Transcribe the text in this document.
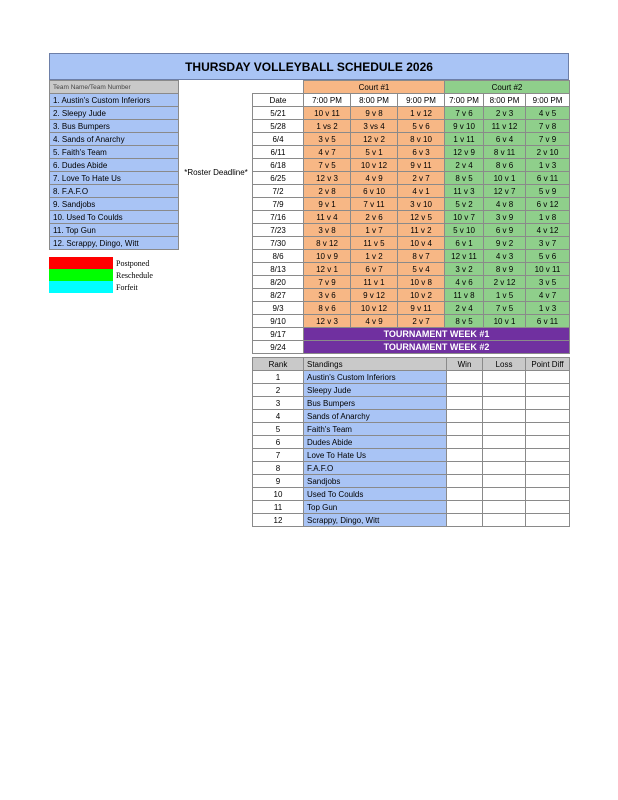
THURSDAY VOLLEYBALL SCHEDULE 2026
Team Name/Team Number
1. Austin's Custom Inferiors
2. Sleepy Jude
3. Bus Bumpers
4. Sands of Anarchy
5. Faith's Team
6. Dudes Abide
7. Love To Hate Us
8. F.A.F.O
9. Sandjobs
10. Used To Coulds
11. Top Gun
12. Scrappy, Dingo, Witt
*Roster Deadline*
	Postponed
	Reschedule
	Forfeit
	Court #1			Court #2		
Date	7:00 PM	8:00 PM	9:00 PM	7:00 PM	8:00 PM	9:00 PM
5/21	10 v 11	9 v 8	1 v 12	7 v 6	2 v 3	4 v 5
5/28	1 vs 2	3 vs 4	5 v 6	9 v 10	11 v 12	7 v 8
6/4	3 v 5	12 v 2	8 v 10	1 v 11	6 v 4	7 v 9
6/11	4 v 7	5 v 1	6 v 3	12 v 9	8 v 11	2 v 10
6/18	7 v 5	10 v 12	9 v 11	2 v 4	8 v 6	1 v 3
6/25	12 v 3	4 v 9	2 v 7	8 v 5	10 v 1	6 v 11
7/2	2 v 8	6 v 10	4 v 1	11 v 3	12 v 7	5 v 9
7/9	9 v 1	7 v 11	3 v 10	5 v 2	4 v 8	6 v 12
7/16	11 v 4	2 v 6	12 v 5	10 v 7	3 v 9	1 v 8
7/23	3 v 8	1 v 7	11 v 2	5 v 10	6 v 9	4 v 12
7/30	8 v 12	11 v 5	10 v 4	6 v 1	9 v 2	3 v 7
8/6	10 v 9	1 v 2	8 v 7	12 v 11	4 v 3	5 v 6
8/13	12 v 1	6 v 7	5 v 4	3 v 2	8 v 9	10 v 11
8/20	7 v 9	11 v 1	10 v 8	4 v 6	2 v 12	3 v 5
8/27	3 v 6	9 v 12	10 v 2	11 v 8	1 v 5	4 v 7
9/3	8 v 6	10 v 12	9 v 11	2 v 4	7 v 5	1 v 3
9/10	12 v 3	4 v 9	2 v 7	8 v 5	10 v 1	6 v 11
9/17	TOURNAMENT WEEK #1					
9/24	TOURNAMENT WEEK #2					
Rank	Standings	Win	Loss	Point Diff
1	Austin's Custom Inferiors			
2	Sleepy Jude			
3	Bus Bumpers			
4	Sands of Anarchy			
5	Faith's Team			
6	Dudes Abide			
7	Love To Hate Us			
8	F.A.F.O			
9	Sandjobs			
10	Used To Coulds			
11	Top Gun			
12	Scrappy, Dingo, Witt			
